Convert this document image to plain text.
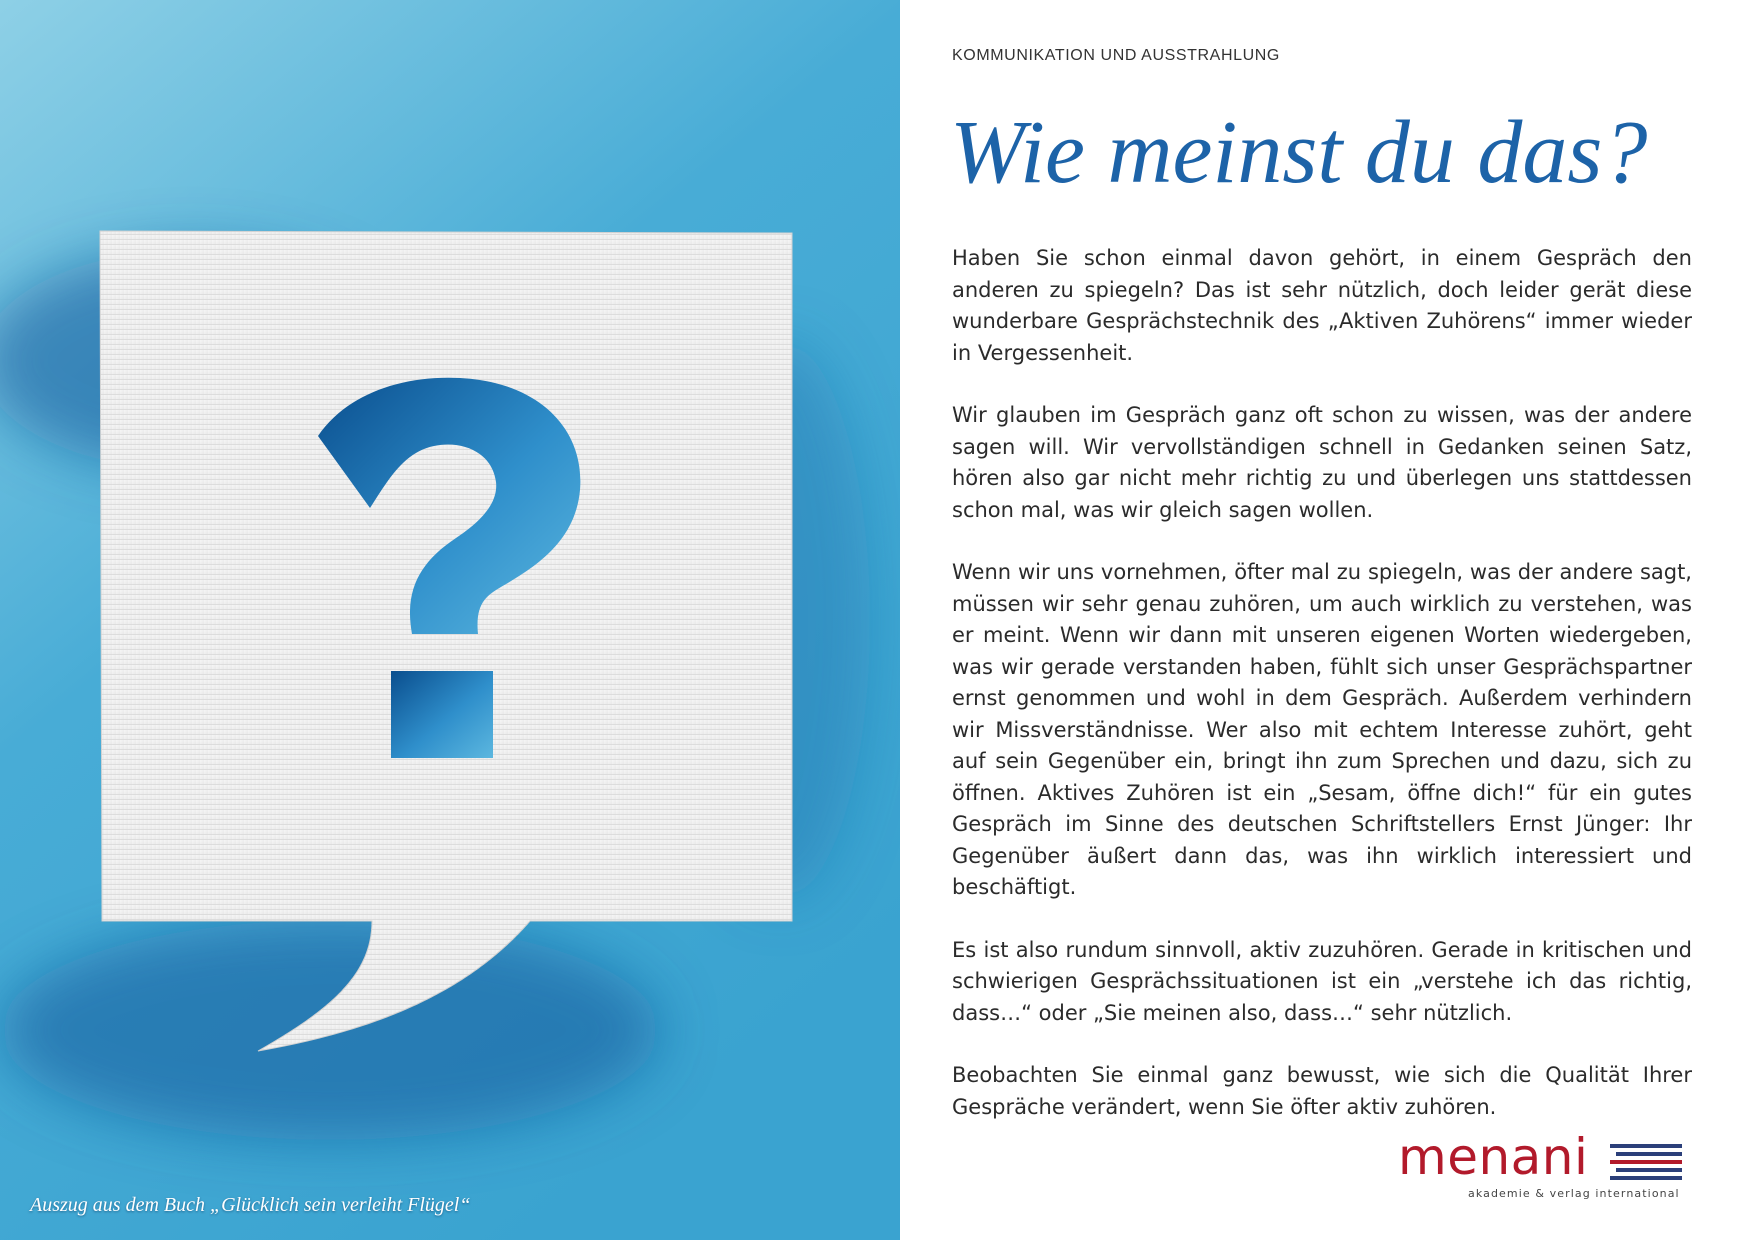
Auszug aus dem Buch „Glücklich sein verleiht Flügel“
KOMMUNIKATION UND AUSSTRAHLUNG
Wie meinst du das?

Haben Sie schon einmal davon gehört, in einem Gespräch den anderen zu spiegeln? Das ist sehr nützlich, doch leider gerät diese wunderbare Gesprächstechnik des „Aktiven Zuhörens“ immer wieder in Vergessenheit.

Wir glauben im Gespräch ganz oft schon zu wissen, was der andere sagen will. Wir vervollständigen schnell in Gedanken seinen Satz, hören also gar nicht mehr richtig zu und überlegen uns stattdessen schon mal, was wir gleich sagen wollen.

Wenn wir uns vornehmen, öfter mal zu spiegeln, was der andere sagt, müssen wir sehr genau zuhören, um auch wirklich zu verstehen, was er meint. Wenn wir dann mit unseren eigenen Worten wiedergeben, was wir gerade verstanden haben, fühlt sich unser Gesprächspartner ernst genommen und wohl in dem Gespräch. Außerdem verhindern wir Missverständnisse. Wer also mit echtem Interesse zuhört, geht auf sein Gegenüber ein, bringt ihn zum Sprechen und dazu, sich zu öffnen. Aktives Zuhören ist ein „Sesam, öffne dich!“ für ein gutes Gespräch im Sinne des deutschen Schriftstellers Ernst Jünger: Ihr Gegenüber äußert dann das, was ihn wirklich interessiert und beschäftigt.

Es ist also rundum sinnvoll, aktiv zuzuhören. Gerade in kritischen und schwierigen Gesprächssituationen ist ein „verstehe ich das richtig, dass…“ oder „Sie meinen also, dass…“ sehr nützlich.

Beobachten Sie einmal ganz bewusst, wie sich die Qualität Ihrer Gespräche verändert, wenn Sie öfter aktiv zuhören.

menani
akademie & verlag international
